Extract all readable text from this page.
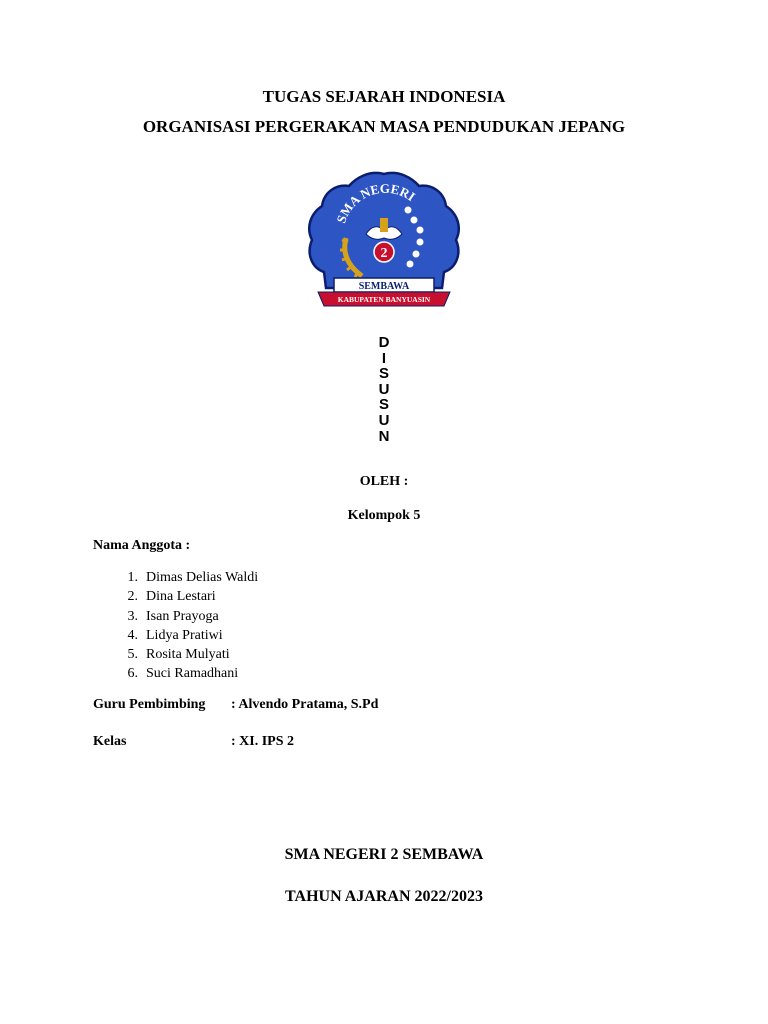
TUGAS SEJARAH INDONESIA
ORGANISASI PERGERAKAN MASA PENDUDUKAN JEPANG
SMA NEGERI
2
SEMBAWA
KABUPATEN BANYUASIN
D
I
S
U
S
U
N
OLEH :
Kelompok 5
Nama Anggota :
1. Dimas Delias Waldi
2. Dina Lestari
3. Isan Prayoga
4. Lidya Pratiwi
5. Rosita Mulyati
6. Suci Ramadhani
Guru Pembimbing : Alvendo Pratama, S.Pd
Kelas	: XI. IPS 2
SMA NEGERI 2 SEMBAWA
TAHUN AJARAN 2022/2023
